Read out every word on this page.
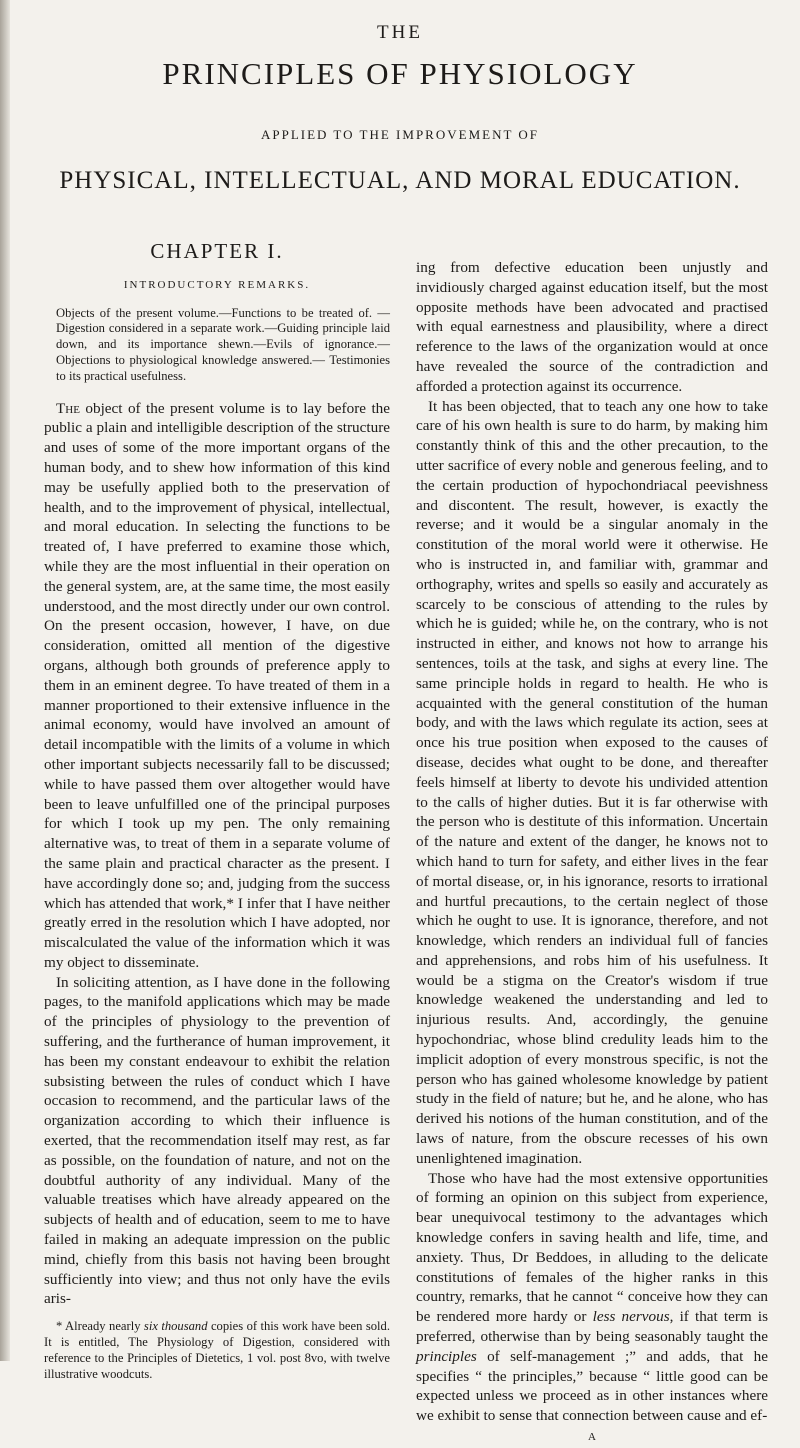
THE
PRINCIPLES OF PHYSIOLOGY
APPLIED TO THE IMPROVEMENT OF
PHYSICAL, INTELLECTUAL, AND MORAL EDUCATION.
CHAPTER I.
INTRODUCTORY REMARKS.

Objects of the present volume.—Functions to be treated of. —Digestion considered in a separate work.—Guiding principle laid down, and its importance shewn.—Evils of ignorance.—Objections to physiological knowledge answered.— Testimonies to its practical usefulness.

The object of the present volume is to lay before the public a plain and intelligible description of the structure and uses of some of the more important organs of the human body, and to shew how information of this kind may be usefully applied both to the preservation of health, and to the improvement of physical, intellectual, and moral education. In selecting the functions to be treated of, I have preferred to examine those which, while they are the most influential in their operation on the general system, are, at the same time, the most easily understood, and the most directly under our own control. On the present occasion, however, I have, on due consideration, omitted all mention of the digestive organs, although both grounds of preference apply to them in an eminent degree. To have treated of them in a manner proportioned to their extensive influence in the animal economy, would have involved an amount of detail incompatible with the limits of a volume in which other important subjects necessarily fall to be discussed; while to have passed them over altogether would have been to leave unfulfilled one of the principal purposes for which I took up my pen. The only remaining alternative was, to treat of them in a separate volume of the same plain and practical character as the present. I have accordingly done so; and, judging from the success which has attended that work,* I infer that I have neither greatly erred in the resolution which I have adopted, nor miscalculated the value of the information which it was my object to disseminate.

In soliciting attention, as I have done in the following pages, to the manifold applications which may be made of the principles of physiology to the prevention of suffering, and the furtherance of human improvement, it has been my constant endeavour to exhibit the relation subsisting between the rules of conduct which I have occasion to recommend, and the particular laws of the organization according to which their influence is exerted, that the recommendation itself may rest, as far as possible, on the foundation of nature, and not on the doubtful authority of any individual. Many of the valuable treatises which have already appeared on the subjects of health and of education, seem to me to have failed in making an adequate impression on the public mind, chiefly from this basis not having been brought sufficiently into view; and thus not only have the evils aris-

* Already nearly six thousand copies of this work have been sold. It is entitled, The Physiology of Digestion, considered with reference to the Principles of Dietetics, 1 vol. post 8vo, with twelve illustrative woodcuts.

ing from defective education been unjustly and invidiously charged against education itself, but the most opposite methods have been advocated and practised with equal earnestness and plausibility, where a direct reference to the laws of the organization would at once have revealed the source of the contradiction and afforded a protection against its occurrence.

It has been objected, that to teach any one how to take care of his own health is sure to do harm, by making him constantly think of this and the other precaution, to the utter sacrifice of every noble and generous feeling, and to the certain production of hypochondriacal peevishness and discontent. The result, however, is exactly the reverse; and it would be a singular anomaly in the constitution of the moral world were it otherwise. He who is instructed in, and familiar with, grammar and orthography, writes and spells so easily and accurately as scarcely to be conscious of attending to the rules by which he is guided; while he, on the contrary, who is not instructed in either, and knows not how to arrange his sentences, toils at the task, and sighs at every line. The same principle holds in regard to health. He who is acquainted with the general constitution of the human body, and with the laws which regulate its action, sees at once his true position when exposed to the causes of disease, decides what ought to be done, and thereafter feels himself at liberty to devote his undivided attention to the calls of higher duties. But it is far otherwise with the person who is destitute of this information. Uncertain of the nature and extent of the danger, he knows not to which hand to turn for safety, and either lives in the fear of mortal disease, or, in his ignorance, resorts to irrational and hurtful precautions, to the certain neglect of those which he ought to use. It is ignorance, therefore, and not knowledge, which renders an individual full of fancies and apprehensions, and robs him of his usefulness. It would be a stigma on the Creator's wisdom if true knowledge weakened the understanding and led to injurious results. And, accordingly, the genuine hypochondriac, whose blind credulity leads him to the implicit adoption of every monstrous specific, is not the person who has gained wholesome knowledge by patient study in the field of nature; but he, and he alone, who has derived his notions of the human constitution, and of the laws of nature, from the obscure recesses of his own unenlightened imagination.

Those who have had the most extensive opportunities of forming an opinion on this subject from experience, bear unequivocal testimony to the advantages which knowledge confers in saving health and life, time, and anxiety. Thus, Dr Beddoes, in alluding to the delicate constitutions of females of the higher ranks in this country, remarks, that he cannot “ conceive how they can be rendered more hardy or less nervous, if that term is preferred, otherwise than by being seasonably taught the principles of self-management ;” and adds, that he specifies “ the principles,” because “ little good can be expected unless we proceed as in other instances where we exhibit to sense that connection between cause and ef-

A
